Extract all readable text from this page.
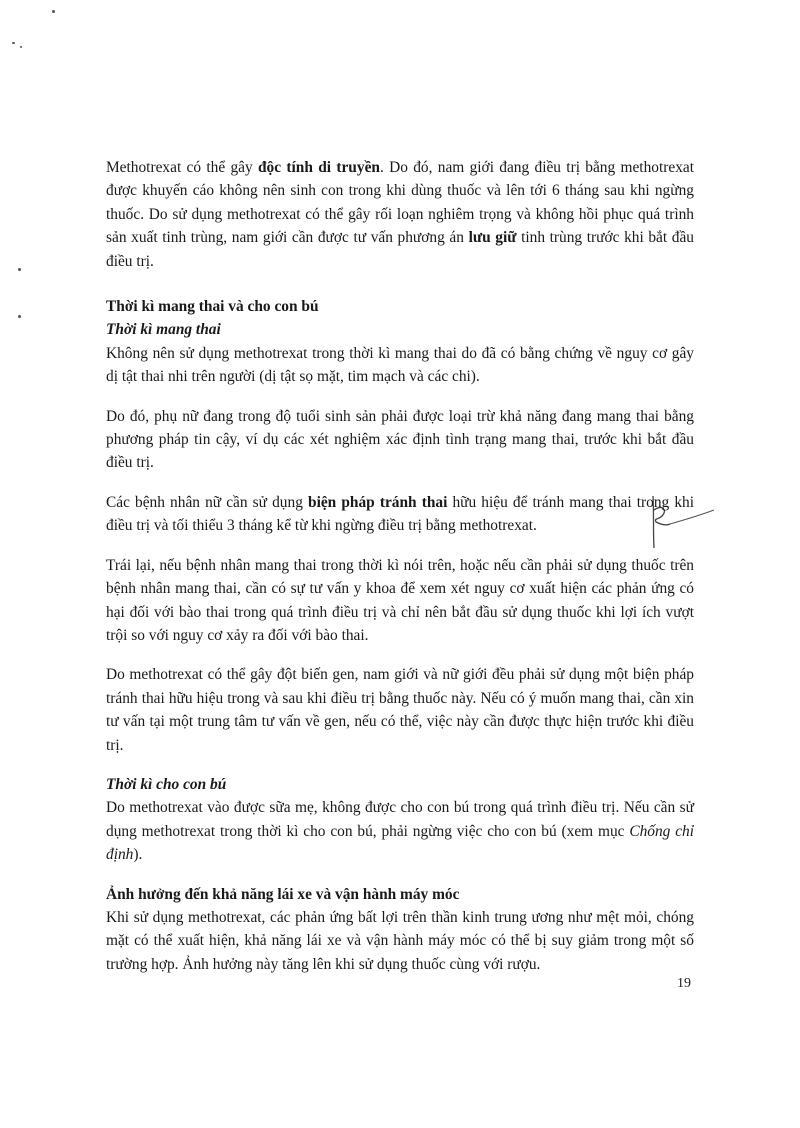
Methotrexat có thể gây độc tính di truyền. Do đó, nam giới đang điều trị bằng methotrexat được khuyến cáo không nên sinh con trong khi dùng thuốc và lên tới 6 tháng sau khi ngừng thuốc. Do sử dụng methotrexat có thể gây rối loạn nghiêm trọng và không hồi phục quá trình sản xuất tinh trùng, nam giới cần được tư vấn phương án lưu giữ tinh trùng trước khi bắt đầu điều trị.

Thời kì mang thai và cho con bú

Thời kì mang thai

Không nên sử dụng methotrexat trong thời kì mang thai do đã có bằng chứng về nguy cơ gây dị tật thai nhi trên người (dị tật sọ mặt, tim mạch và các chi).

Do đó, phụ nữ đang trong độ tuổi sinh sản phải được loại trừ khả năng đang mang thai bằng phương pháp tin cậy, ví dụ các xét nghiệm xác định tình trạng mang thai, trước khi bắt đầu điều trị.

Các bệnh nhân nữ cần sử dụng biện pháp tránh thai hữu hiệu để tránh mang thai trong khi điều trị và tối thiểu 3 tháng kể từ khi ngừng điều trị bằng methotrexat.

Trái lại, nếu bệnh nhân mang thai trong thời kì nói trên, hoặc nếu cần phải sử dụng thuốc trên bệnh nhân mang thai, cần có sự tư vấn y khoa để xem xét nguy cơ xuất hiện các phản ứng có hại đối với bào thai trong quá trình điều trị và chỉ nên bắt đầu sử dụng thuốc khi lợi ích vượt trội so với nguy cơ xảy ra đối với bào thai.

Do methotrexat có thể gây đột biến gen, nam giới và nữ giới đều phải sử dụng một biện pháp tránh thai hữu hiệu trong và sau khi điều trị bằng thuốc này. Nếu có ý muốn mang thai, cần xin tư vấn tại một trung tâm tư vấn về gen, nếu có thể, việc này cần được thực hiện trước khi điều trị.

Thời kì cho con bú

Do methotrexat vào được sữa mẹ, không được cho con bú trong quá trình điều trị. Nếu cần sử dụng methotrexat trong thời kì cho con bú, phải ngừng việc cho con bú (xem mục Chống chỉ định).

Ảnh hưởng đến khả năng lái xe và vận hành máy móc

Khi sử dụng methotrexat, các phản ứng bất lợi trên thần kinh trung ương như mệt mỏi, chóng mặt có thể xuất hiện, khả năng lái xe và vận hành máy móc có thể bị suy giảm trong một số trường hợp. Ảnh hưởng này tăng lên khi sử dụng thuốc cùng với rượu.

19
